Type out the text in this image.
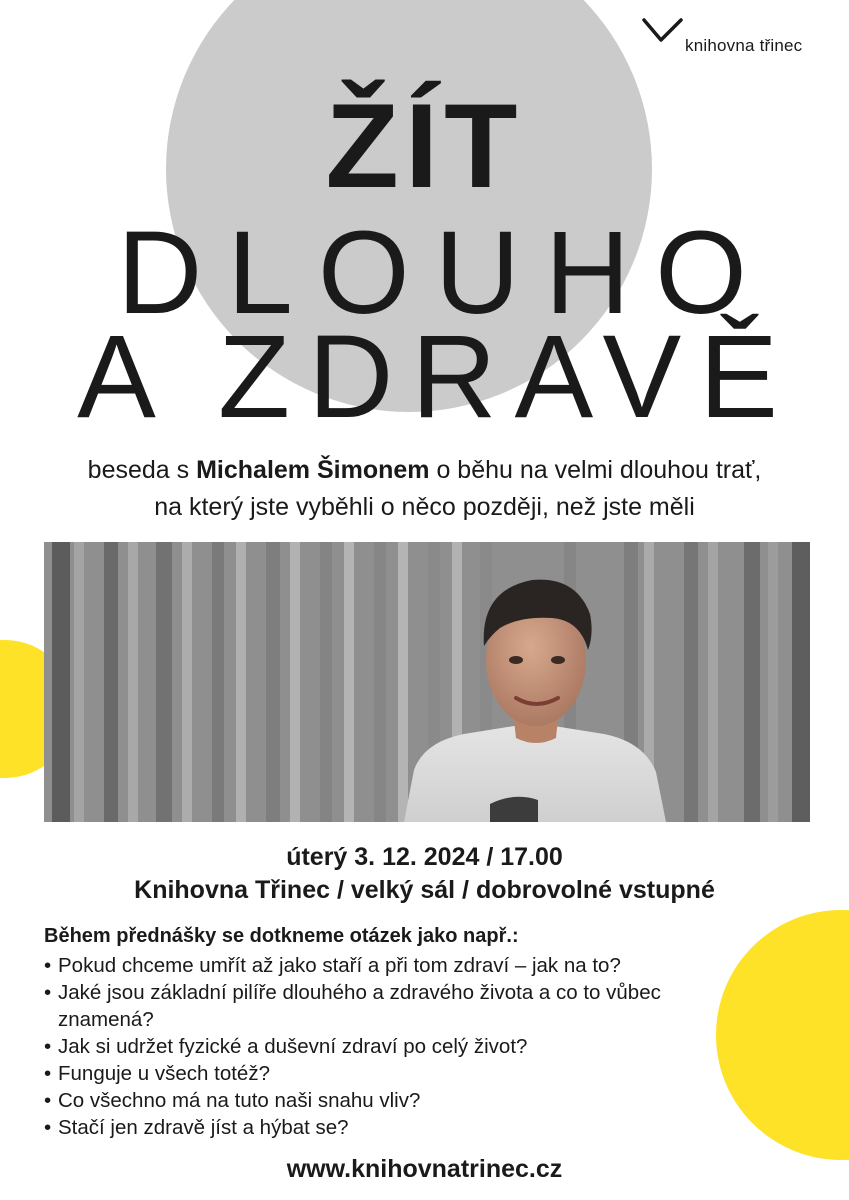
knihovna třinec
ŽÍT
DLOUHO
A ZDRAVĚ
beseda s Michalem Šimonem o běhu na velmi dlouhou trať,
na který jste vyběhli o něco později, než jste měli
úterý 3. 12. 2024 / 17.00
Knihovna Třinec / velký sál / dobrovolné vstupné
Během přednášky se dotkneme otázek jako např.:
• Pokud chceme umřít až jako staří a při tom zdraví – jak na to?
• Jaké jsou základní pilíře dlouhého a zdravého života a co to vůbec znamená?
• Jak si udržet fyzické a duševní zdraví po celý život?
• Funguje u všech totéž?
• Co všechno má na tuto naši snahu vliv?
• Stačí jen zdravě jíst a hýbat se?
www.knihovnatrinec.cz
